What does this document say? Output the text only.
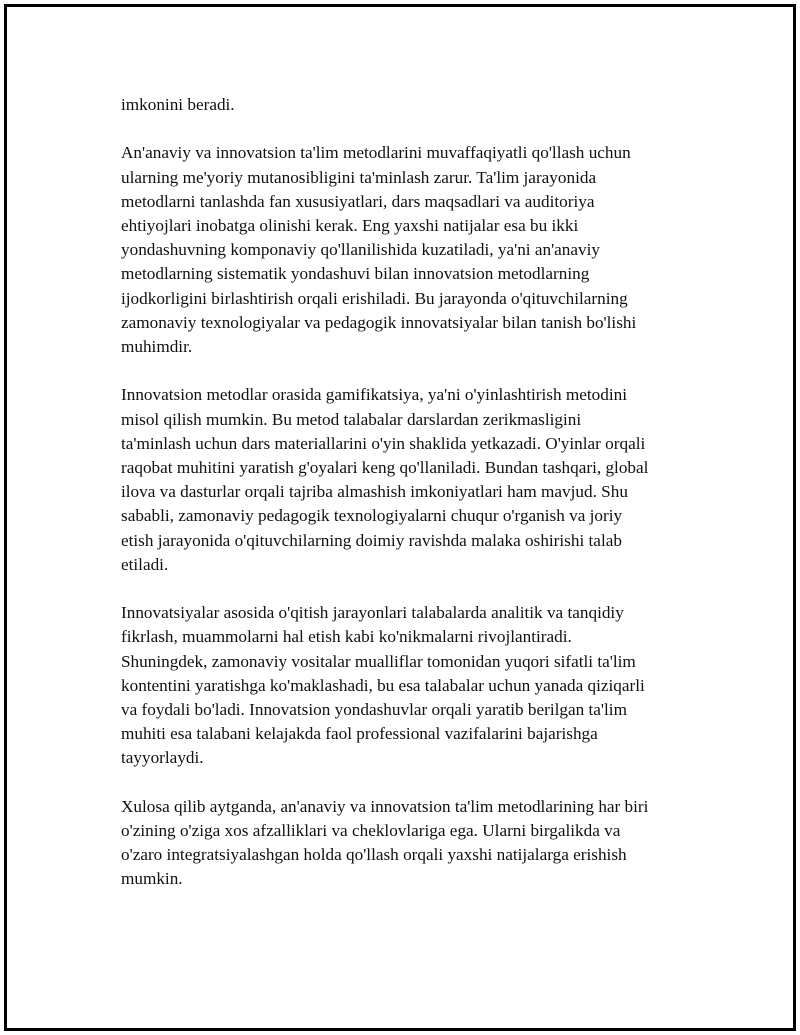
imkonini beradi.
An'anaviy va innovatsion ta'lim metodlarini muvaffaqiyatli qo'llash uchun
ularning me'yoriy mutanosibligini ta'minlash zarur. Ta'lim jarayonida
metodlarni tanlashda fan xususiyatlari, dars maqsadlari va auditoriya
ehtiyojlari inobatga olinishi kerak. Eng yaxshi natijalar esa bu ikki
yondashuvning komponaviy qo'llanilishida kuzatiladi, ya'ni an'anaviy
metodlarning sistematik yondashuvi bilan innovatsion metodlarning
ijodkorligini birlashtirish orqali erishiladi. Bu jarayonda o'qituvchilarning
zamonaviy texnologiyalar va pedagogik innovatsiyalar bilan tanish bo'lishi
muhimdir.
Innovatsion metodlar orasida gamifikatsiya, ya'ni o'yinlashtirish metodini
misol qilish mumkin. Bu metod talabalar darslardan zerikmasligini
ta'minlash uchun dars materiallarini o'yin shaklida yetkazadi. O'yinlar orqali
raqobat muhitini yaratish g'oyalari keng qo'llaniladi. Bundan tashqari, global
ilova va dasturlar orqali tajriba almashish imkoniyatlari ham mavjud. Shu
sababli, zamonaviy pedagogik texnologiyalarni chuqur o'rganish va joriy
etish jarayonida o'qituvchilarning doimiy ravishda malaka oshirishi talab
etiladi.
Innovatsiyalar asosida o'qitish jarayonlari talabalarda analitik va tanqidiy
fikrlash, muammolarni hal etish kabi ko'nikmalarni rivojlantiradi.
Shuningdek, zamonaviy vositalar mualliflar tomonidan yuqori sifatli ta'lim
kontentini yaratishga ko'maklashadi, bu esa talabalar uchun yanada qiziqarli
va foydali bo'ladi. Innovatsion yondashuvlar orqali yaratib berilgan ta'lim
muhiti esa talabani kelajakda faol professional vazifalarini bajarishga
tayyorlaydi.
Xulosa qilib aytganda, an'anaviy va innovatsion ta'lim metodlarining har biri
o'zining o'ziga xos afzalliklari va cheklovlariga ega. Ularni birgalikda va
o'zaro integratsiyalashgan holda qo'llash orqali yaxshi natijalarga erishish
mumkin.
